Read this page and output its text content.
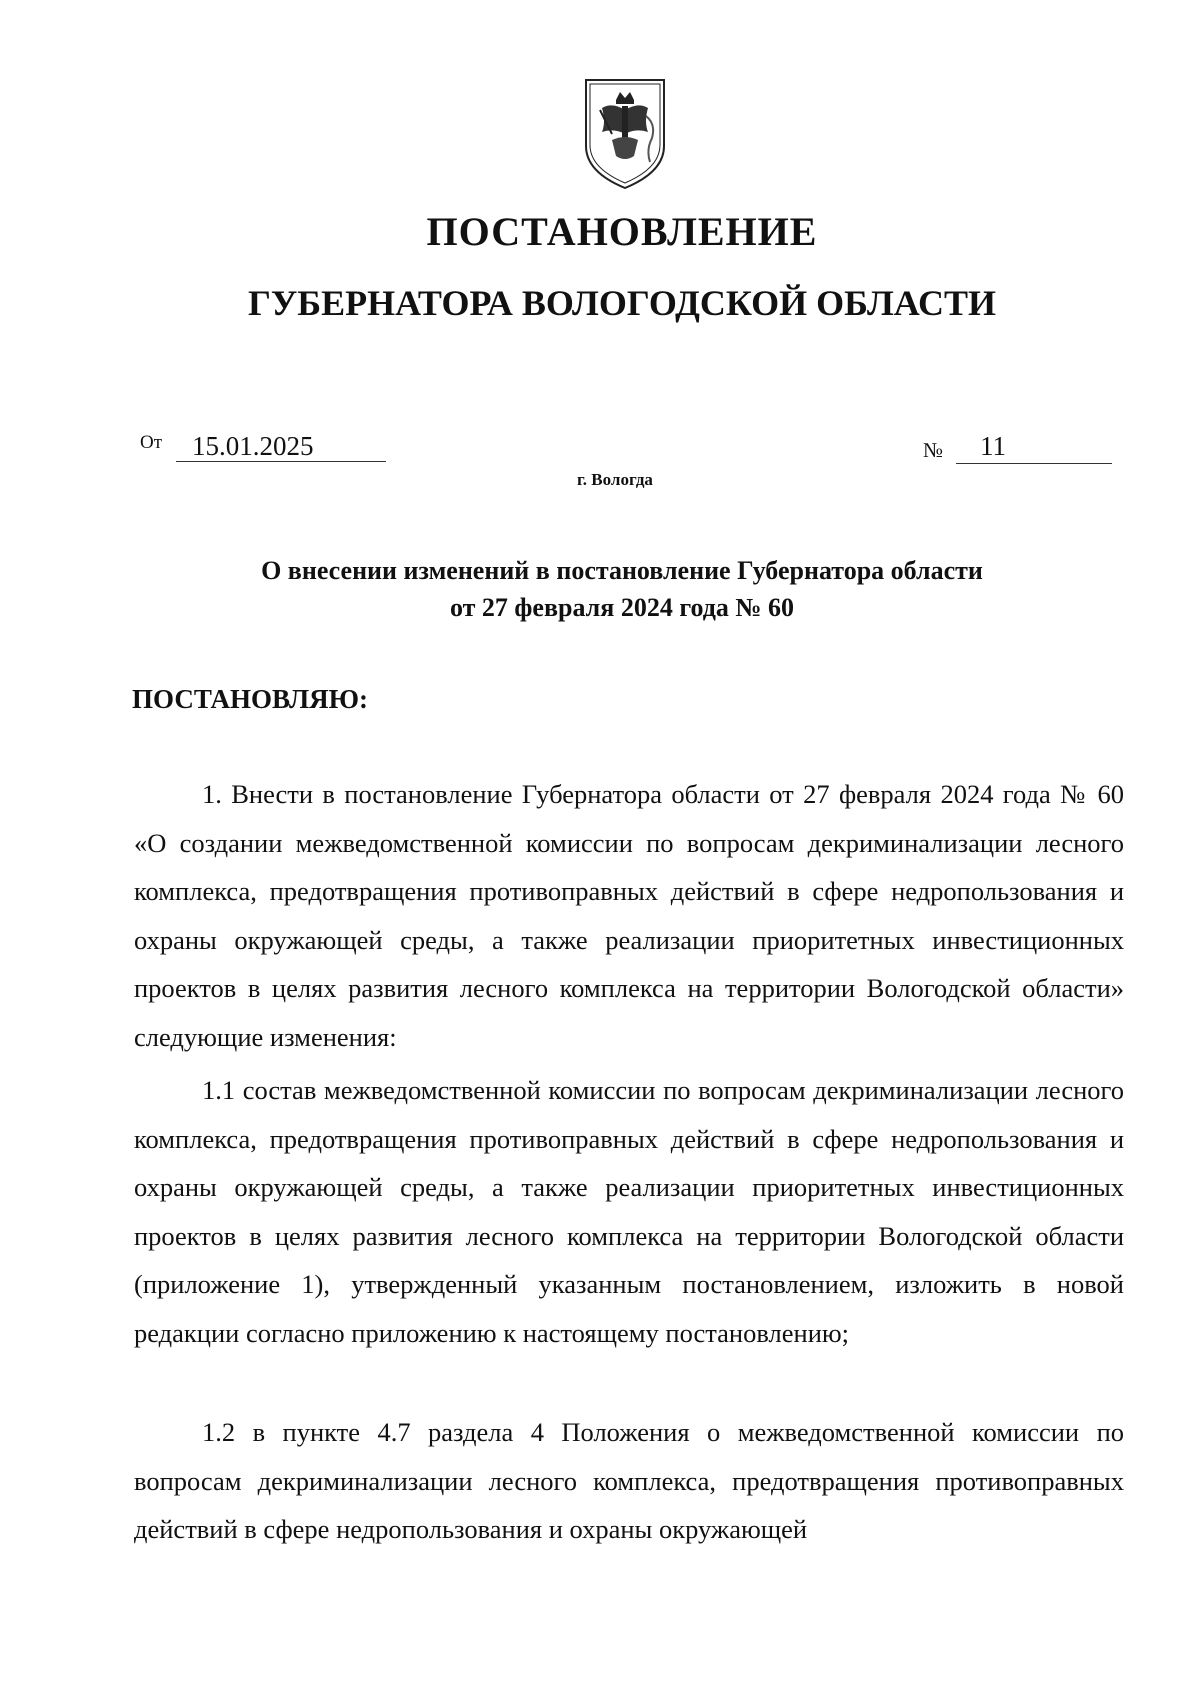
ПОСТАНОВЛЕНИЕ
ГУБЕРНАТОРА ВОЛОГОДСКОЙ ОБЛАСТИ
От	15.01.2025	№	11
г. Вологда
О внесении изменений в постановление Губернатора области
от 27 февраля 2024 года № 60
ПОСТАНОВЛЯЮ:
1. Внести в постановление Губернатора области от 27 февраля 2024 года № 60 «О создании межведомственной комиссии по вопросам декриминализации лесного комплекса, предотвращения противоправных действий в сфере недропользования и охраны окружающей среды, а также реализации приоритетных инвестиционных проектов в целях развития лесного комплекса на территории Вологодской области» следующие изменения:
1.1 состав межведомственной комиссии по вопросам декриминализации лесного комплекса, предотвращения противоправных действий в сфере недропользования и охраны окружающей среды, а также реализации приоритетных инвестиционных проектов в целях развития лесного комплекса на территории Вологодской области (приложение 1), утвержденный указанным постановлением, изложить в новой редакции согласно приложению к настоящему постановлению;
1.2 в пункте 4.7 раздела 4 Положения о межведомственной комиссии по вопросам декриминализации лесного комплекса, предотвращения противоправных действий в сфере недропользования и охраны окружающей
